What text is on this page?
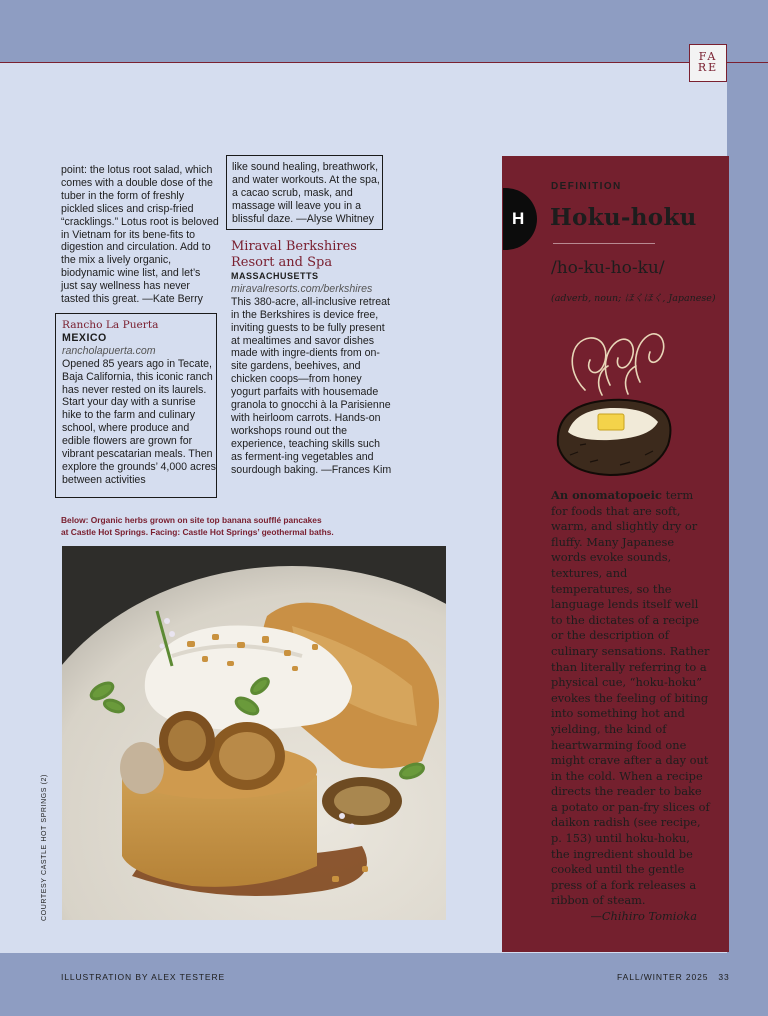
FA
RE

point: the lotus root salad, which comes with a double dose of the tuber in the form of freshly pickled slices and crisp-fried “cracklings.” Lotus root is beloved in Vietnam for its bene-fits to digestion and circulation. Add to the mix a lively organic, biodynamic wine list, and let’s just say wellness has never tasted this great. —Kate Berry

Rancho La Puerta

MEXICO

rancholapuerta.com

Opened 85 years ago in Tecate, Baja California, this iconic ranch has never rested on its laurels. Start your day with a sunrise hike to the farm and culinary school, where produce and edible flowers are grown for vibrant pescatarian meals. Then explore the grounds’ 4,000 acres between activities

like sound healing, breathwork, and water workouts. At the spa, a cacao scrub, mask, and massage will leave you in a blissful daze. —Alyse Whitney

Miraval Berkshires

Resort and Spa

MASSACHUSETTS

miravalresorts.com/berkshires

This 380-acre, all-inclusive retreat in the Berkshires is device free, inviting guests to be fully present at mealtimes and savor dishes made with ingre-dients from on-site gardens, beehives, and chicken coops—from honey yogurt parfaits with housemade granola to gnocchi à la Parisienne with heirloom carrots. Hands-on workshops round out the experience, teaching skills such as ferment-ing vegetables and sourdough baking. —Frances Kim

Below: Organic herbs grown on site top banana soufflé pancakes
at Castle Hot Springs. Facing: Castle Hot Springs’ geothermal baths.
COURTESY CASTLE HOT SPRINGS (2)
H
DEFINITION
Hoku-hoku
/ho-ku-ho-ku/
(adverb, noun; ほくほく, Japanese)

An onomatopoeic term for foods that are soft, warm, and slightly dry or fluffy. Many Japanese words evoke sounds, textures, and temperatures, so the language lends itself well to the dictates of a recipe or the description of culinary sensations. Rather than literally referring to a physical cue, “hoku-hoku” evokes the feeling of biting into something hot and yielding, the kind of heartwarming food one might crave after a day out in the cold. When a recipe directs the reader to bake a potato or pan-fry slices of daikon radish (see recipe, p. 153) until hoku-hoku, the ingredient should be cooked until the gentle press of a fork releases a ribbon of steam.
—Chihiro Tomioka

ILLUSTRATION BY ALEX TESTERE	FALL/WINTER 2025 33
